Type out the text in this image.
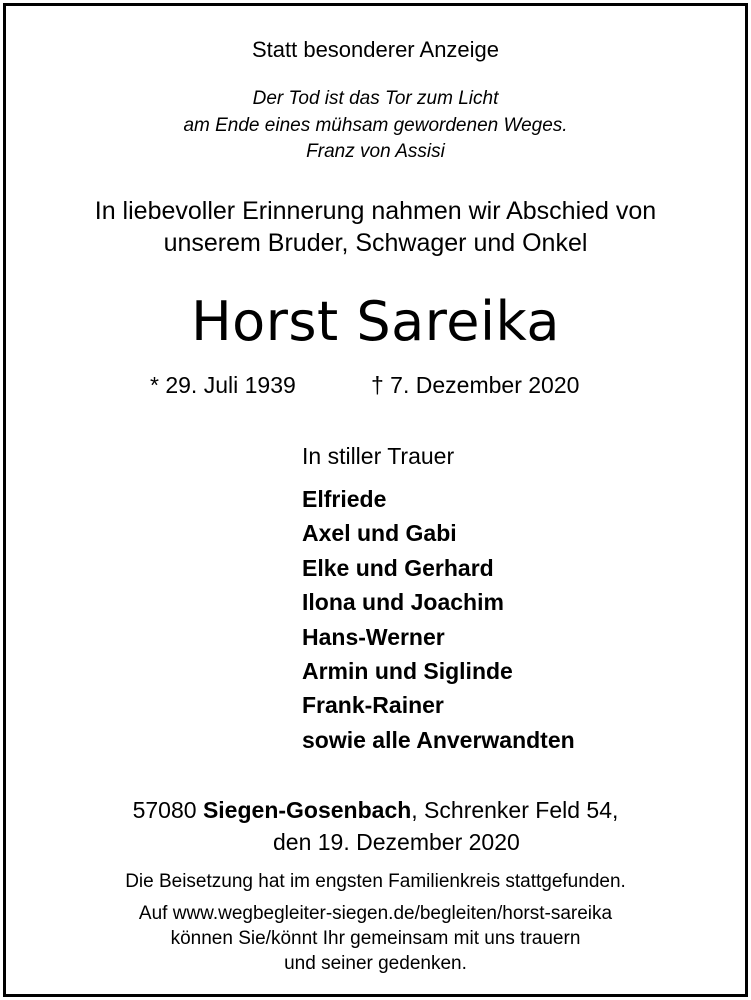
Statt besonderer Anzeige
Der Tod ist das Tor zum Licht
am Ende eines mühsam gewordenen Weges.
Franz von Assisi
In liebevoller Erinnerung nahmen wir Abschied von
unserem Bruder, Schwager und Onkel
Horst Sareika
* 29. Juli 1939	† 7. Dezember 2020
In stiller Trauer
Elfriede
Axel und Gabi
Elke und Gerhard
Ilona und Joachim
Hans-Werner
Armin und Siglinde
Frank-Rainer
sowie alle Anverwandten
57080 Siegen-Gosenbach, Schrenker Feld 54,
den 19. Dezember 2020
Die Beisetzung hat im engsten Familienkreis stattgefunden.
Auf www.wegbegleiter-siegen.de/begleiten/horst-sareika
können Sie/könnt Ihr gemeinsam mit uns trauern
und seiner gedenken.
